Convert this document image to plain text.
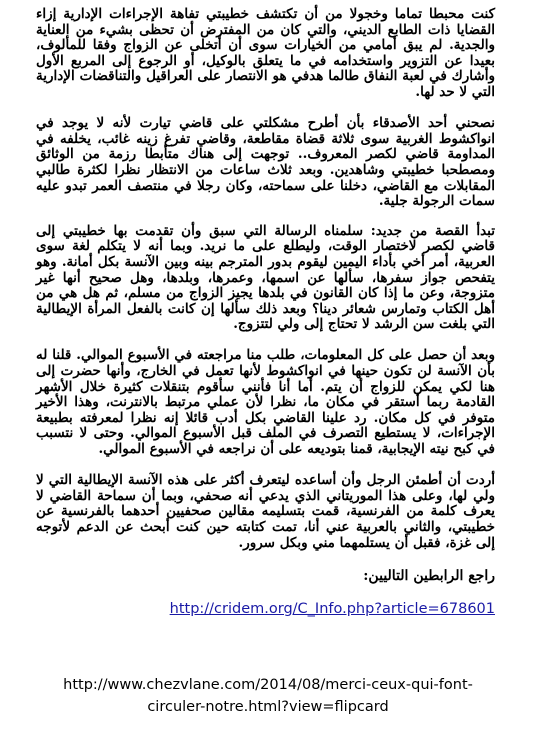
كنت محبطا تماما وخجولا من أن تكتشف خطيبتي تفاهة الإجراءات الإدارية إزاء القضايا ذات الطابع الديني، والتي كان من المفترض أن تحظى بشيء من العناية والجدية. لم يبق أمامي من الخيارات سوى أن أتخلى عن الزواج وفقا للمألوف، بعيدا عن التزوير واستخدامه في ما يتعلق بالوكيل، أو الرجوع إلى المربع الأول وأشارك في لعبة النفاق طالما هدفي هو الانتصار على العراقيل والتناقضات الإدارية التي لا حد لها.

نصحني أحد الأصدقاء بأن أطرح مشكلتي على قاضي تيارت لأنه لا يوجد في انواكشوط الغربية سوى ثلاثة قضاة مقاطعة، وقاضي تفرغ زينه غائب، يخلفه في المداومة قاضي لكصر المعروف.. توجهت إلى هناك متأبطا رزمة من الوثائق ومصطحبا خطيبتي وشاهدين. وبعد ثلاث ساعات من الانتظار نظرا لكثرة طالبي المقابلات مع القاضي، دخلنا على سماحته، وكان رجلا في منتصف العمر تبدو عليه سمات الرجولة جلية.

تبدأ القصة من جديد: سلمناه الرسالة التي سبق وأن تقدمت بها خطيبتي إلى قاضي لكصر لاختصار الوقت، وليطلع على ما نريد. وبما أنه لا يتكلم لغة سوى العربية، أمر أخي بأداء اليمين ليقوم بدور المترجم بينه وبين الآنسة بكل أمانة. وهو يتفحص جواز سفرها، سألها عن اسمها، وعمرها، وبلدها، وهل صحيح أنها غير متزوجة، وعن ما إذا كان القانون في بلدها يجيز الزواج من مسلم، ثم هل هي من أهل الكتاب وتمارس شعائر دينا؟ وبعد ذلك سألها إن كانت بالفعل المرأة الإيطالية التي بلغت سن الرشد لا تحتاج إلى ولي لتتزوج.

وبعد أن حصل على كل المعلومات، طلب منا مراجعته في الأسبوع الموالي. قلنا له بأن الآنسة لن تكون حينها في انواكشوط لأنها تعمل في الخارج، وأنها حضرت إلى هنا لكي يمكن للزواج أن يتم. أما أنا فأنني سأقوم بتنقلات كثيرة خلال الأشهر القادمة ربما أستقر في مكان ما، نظرا لأن عملي مرتبط بالانترنت، وهذا الأخير متوفر في كل مكان. رد علينا القاضي بكل أدب قائلا إنه نظرا لمعرفته بطبيعة الإجراءات، لا يستطيع التصرف في الملف قبل الأسبوع الموالي. وحتى لا نتسبب في كبح نيته الإيجابية، قمنا بتوديعه على أن نراجعه في الأسبوع الموالي.

أردت أن أطمئن الرجل وأن أساعده ليتعرف أكثر على هذه الآنسة الإيطالية التي لا ولي لها، وعلى هذا الموريتاني الذي يدعي أنه صحفي، وبما أن سماحة القاضي لا يعرف كلمة من الفرنسية، قمت بتسليمه مقالين صحفيين أحدهما بالفرنسية عن خطيبتي، والثاني بالعربية عني أنا، تمت كتابته حين كنت أبحث عن الدعم لأتوجه إلى غزة، فقبل أن يستلمهما مني وبكل سرور.

راجع الرابطين التاليين:

http://cridem.org/C_Info.php?article=678601

http://www.chezvlane.com/2014/08/merci-ceux-qui-font-circuler-notre.html?view=flipcard
